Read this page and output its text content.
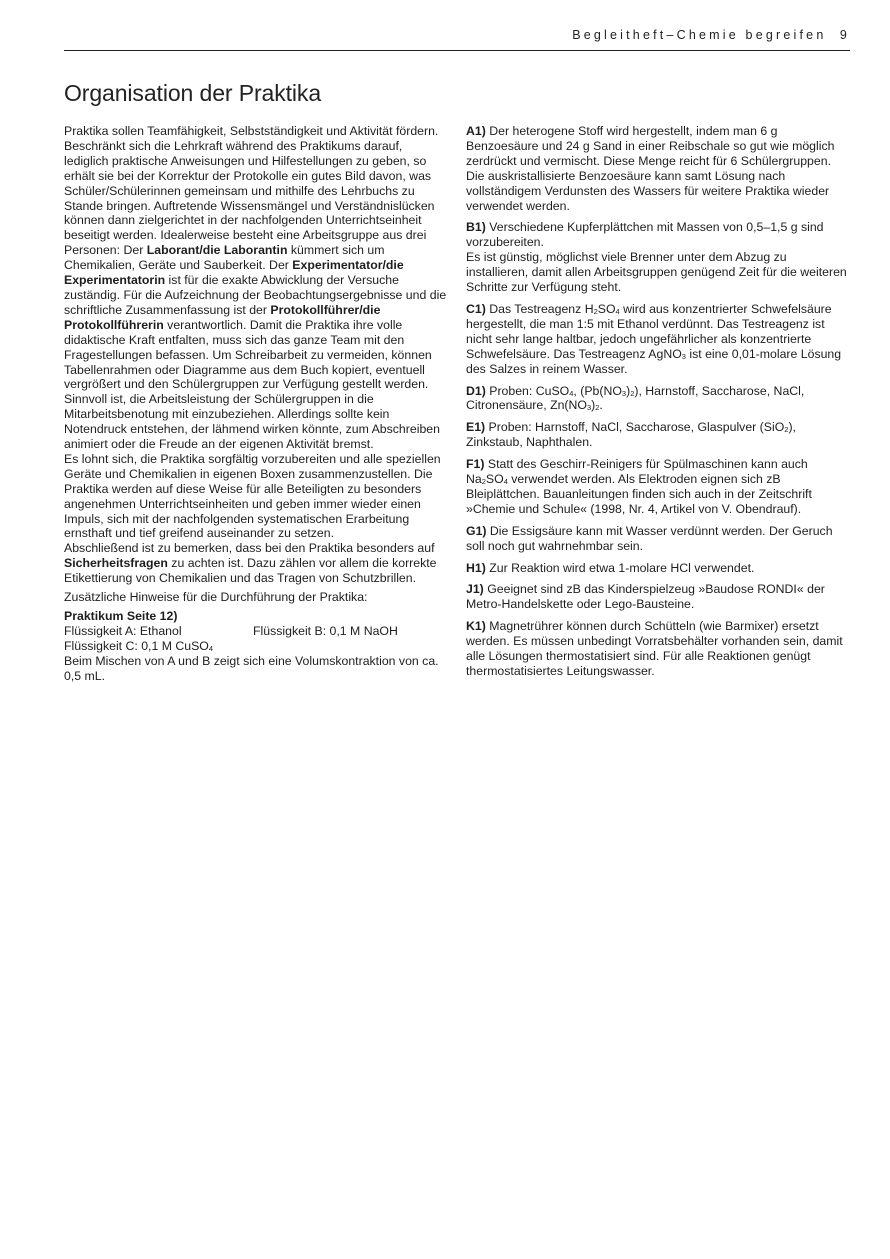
Begleitheft–Chemie begreifen 9
Organisation der Praktika

Praktika sollen Teamfähigkeit, Selbstständigkeit und Aktivität fördern. Beschränkt sich die Lehrkraft während des Praktikums darauf, lediglich praktische Anweisungen und Hilfestellungen zu geben, so erhält sie bei der Korrektur der Protokolle ein gutes Bild davon, was Schüler/Schülerinnen gemeinsam und mithilfe des Lehrbuchs zu Stande bringen. Auftretende Wissensmängel und Verständnislücken können dann zielgerichtet in der nachfolgenden Unterrichtseinheit beseitigt werden. Idealerweise besteht eine Arbeitsgruppe aus drei Personen: Der Laborant/die Laborantin kümmert sich um Chemikalien, Geräte und Sauberkeit. Der Experimentator/die Experimentatorin ist für die exakte Abwicklung der Versuche zuständig. Für die Aufzeichnung der Beobachtungsergebnisse und die schriftliche Zusammenfassung ist der Protokollführer/die Protokollführerin verantwortlich. Damit die Praktika ihre volle didaktische Kraft entfalten, muss sich das ganze Team mit den Fragestellungen befassen. Um Schreibarbeit zu vermeiden, können Tabellenrahmen oder Diagramme aus dem Buch kopiert, eventuell vergrößert und den Schülergruppen zur Verfügung gestellt werden. Sinnvoll ist, die Arbeitsleistung der Schülergruppen in die Mitarbeitsbenotung mit einzubeziehen. Allerdings sollte kein Notendruck entstehen, der lähmend wirken könnte, zum Abschreiben animiert oder die Freude an der eigenen Aktivität bremst.

Es lohnt sich, die Praktika sorgfältig vorzubereiten und alle speziellen Geräte und Chemikalien in eigenen Boxen zusammenzustellen. Die Praktika werden auf diese Weise für alle Beteiligten zu besonders angenehmen Unterrichtseinheiten und geben immer wieder einen Impuls, sich mit der nachfolgenden systematischen Erarbeitung ernsthaft und tief greifend auseinander zu setzen.

Abschließend ist zu bemerken, dass bei den Praktika besonders auf Sicherheitsfragen zu achten ist. Dazu zählen vor allem die korrekte Etikettierung von Chemikalien und das Tragen von Schutzbrillen.

Zusätzliche Hinweise für die Durchführung der Praktika:

Praktikum Seite 12)

Flüssigkeit A: Ethanol	Flüssigkeit B: 0,1 M NaOH

Flüssigkeit C: 0,1 M CuSO$_4$

Beim Mischen von A und B zeigt sich eine Volumskontraktion von ca. 0,5 mL.

A1) Der heterogene Stoff wird hergestellt, indem man 6 g Benzoesäure und 24 g Sand in einer Reibschale so gut wie möglich zerdrückt und vermischt. Diese Menge reicht für 6 Schülergruppen. Die auskristallisierte Benzoesäure kann samt Lösung nach vollständigem Verdunsten des Wassers für weitere Praktika wieder verwendet werden.

B1) Verschiedene Kupferplättchen mit Massen von 0,5–1,5 g sind vorzubereiten.

Es ist günstig, möglichst viele Brenner unter dem Abzug zu installieren, damit allen Arbeitsgruppen genügend Zeit für die weiteren Schritte zur Verfügung steht.

C1) Das Testreagenz $H_2SO_4$ wird aus konzentrierter Schwefelsäure hergestellt, die man 1:5 mit Ethanol verdünnt. Das Testreagenz ist nicht sehr lange haltbar, jedoch ungefährlicher als konzentrierte Schwefelsäure. Das Testreagenz AgNO$_3$ ist eine 0,01-molare Lösung des Salzes in reinem Wasser.

D1) Proben: CuSO$_4$, $(Pb(NO_3)_2)$, Harnstoff, Saccharose, NaCl, Citronensäure, $Zn(NO_3)_2$.

E1) Proben: Harnstoff, NaCl, Saccharose, Glaspulver (SiO$_2$), Zinkstaub, Naphthalen.

F1) Statt des Geschirr-Reinigers für Spülmaschinen kann auch $Na_2SO_4$ verwendet werden. Als Elektroden eignen sich zB Bleiplättchen. Bauanleitungen finden sich auch in der Zeitschrift »Chemie und Schule« (1998, Nr. 4, Artikel von V. Obendrauf).

G1) Die Essigsäure kann mit Wasser verdünnt werden. Der Geruch soll noch gut wahrnehmbar sein.

H1) Zur Reaktion wird etwa 1-molare HCl verwendet.

J1) Geeignet sind zB das Kinderspielzeug »Baudose RONDI« der Metro-Handelskette oder Lego-Bausteine.

K1) Magnetrührer können durch Schütteln (wie Barmixer) ersetzt werden. Es müssen unbedingt Vorratsbehälter vorhanden sein, damit alle Lösungen thermostatisiert sind. Für alle Reaktionen genügt thermostatisiertes Leitungswasser.
